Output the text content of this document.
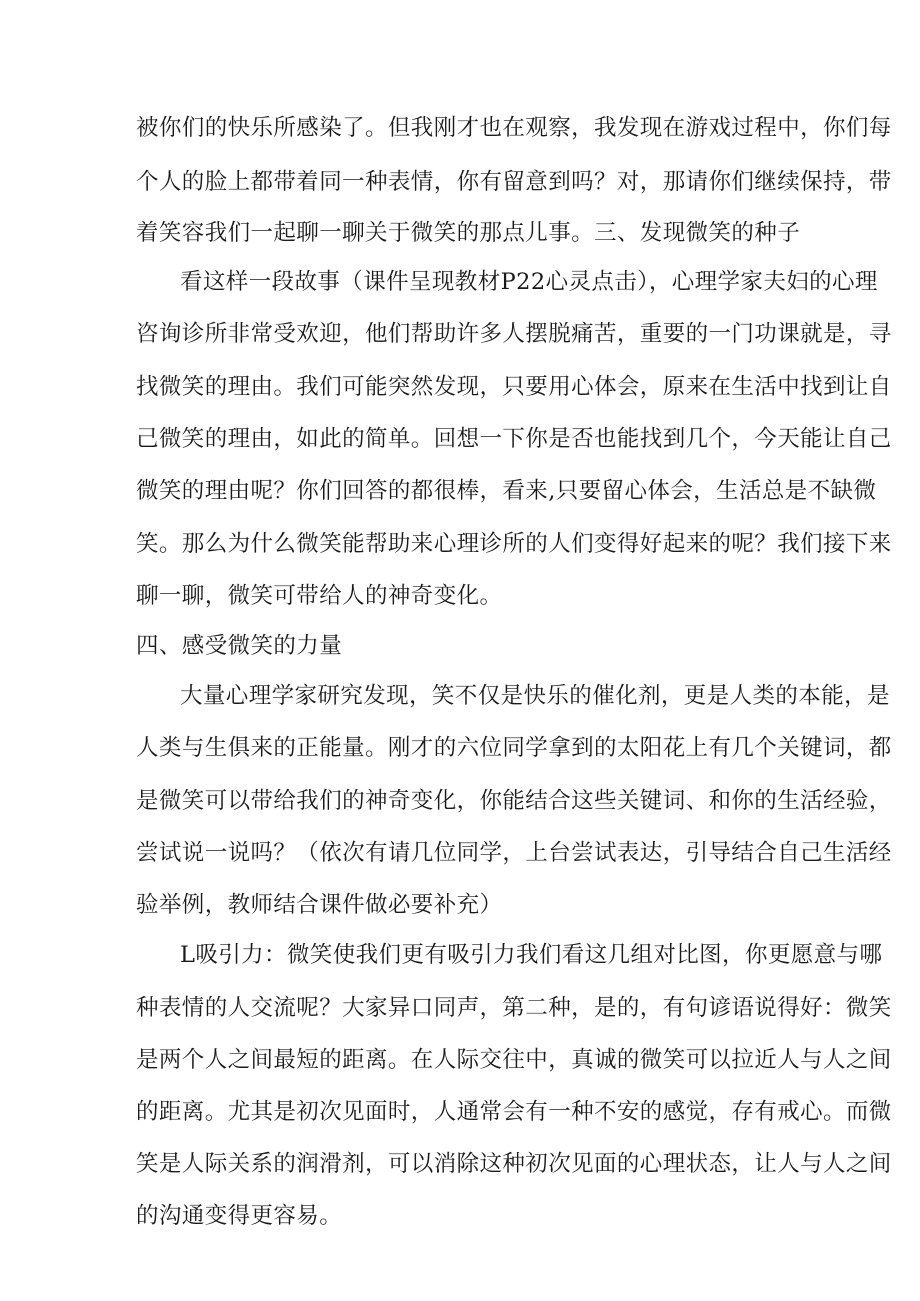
被你们的快乐所感染了。但我刚才也在观察，我发现在游戏过程中，你们每
个人的脸上都带着同一种表情，你有留意到吗？对，那请你们继续保持，带
着笑容我们一起聊一聊关于微笑的那点儿事。三、发现微笑的种子
看这样一段故事（课件呈现教材P22心灵点击），心理学家夫妇的心理
咨询诊所非常受欢迎，他们帮助许多人摆脱痛苦，重要的一门功课就是，寻
找微笑的理由。我们可能突然发现，只要用心体会，原来在生活中找到让自
己微笑的理由，如此的简单。回想一下你是否也能找到几个，今天能让自己
微笑的理由呢？你们回答的都很棒，看来,只要留心体会，生活总是不缺微
笑。那么为什么微笑能帮助来心理诊所的人们变得好起来的呢？我们接下来
聊一聊，微笑可带给人的神奇变化。
四、感受微笑的力量
大量心理学家研究发现，笑不仅是快乐的催化剂，更是人类的本能，是
人类与生俱来的正能量。刚才的六位同学拿到的太阳花上有几个关键词，都
是微笑可以带给我们的神奇变化，你能结合这些关键词、和你的生活经验，
尝试说一说吗？（依次有请几位同学，上台尝试表达，引导结合自己生活经
验举例，教师结合课件做必要补充）
L吸引力：微笑使我们更有吸引力我们看这几组对比图，你更愿意与哪
种表情的人交流呢？大家异口同声，第二种，是的，有句谚语说得好：微笑
是两个人之间最短的距离。在人际交往中，真诚的微笑可以拉近人与人之间
的距离。尤其是初次见面时，人通常会有一种不安的感觉，存有戒心。而微
笑是人际关系的润滑剂，可以消除这种初次见面的心理状态，让人与人之间
的沟通变得更容易。
